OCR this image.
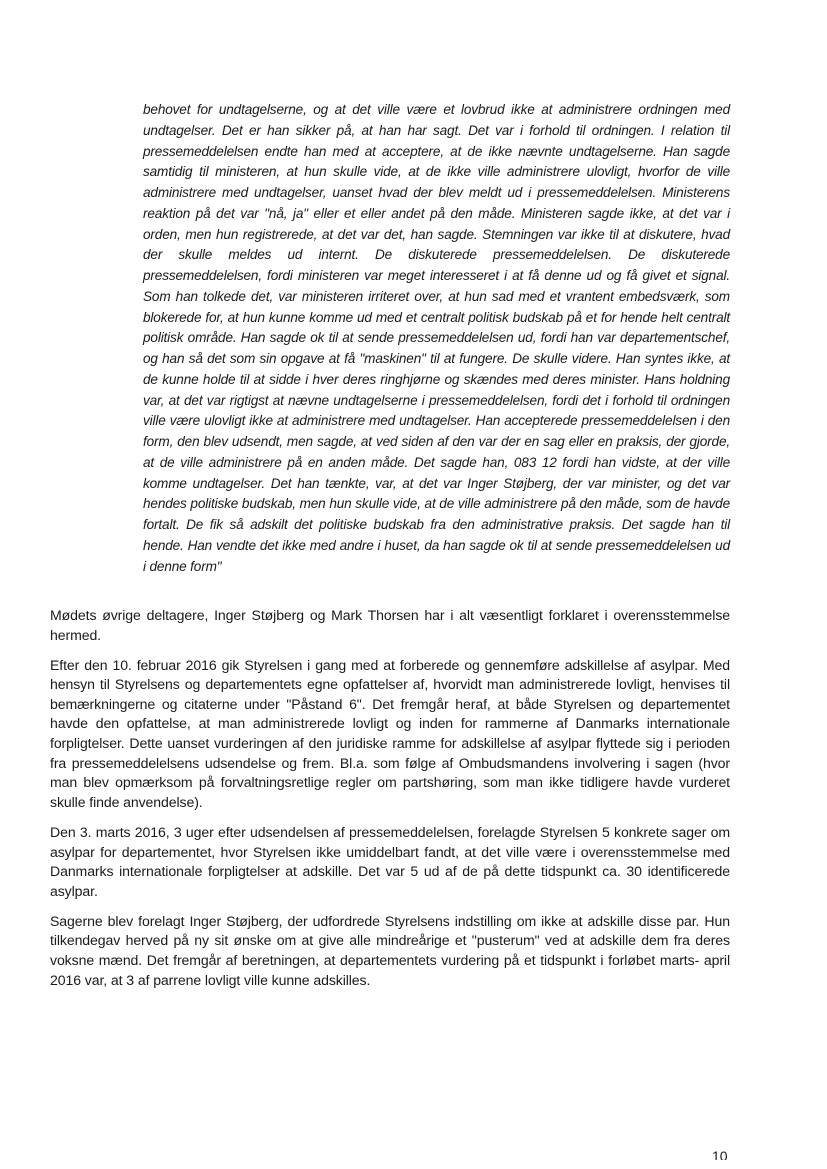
behovet for undtagelserne, og at det ville være et lovbrud ikke at administrere ordningen med undtagelser. Det er han sikker på, at han har sagt. Det var i forhold til ordningen. I relation til pressemeddelelsen endte han med at acceptere, at de ikke nævnte undtagelserne. Han sagde samtidig til ministeren, at hun skulle vide, at de ikke ville administrere ulovligt, hvorfor de ville administrere med undtagelser, uanset hvad der blev meldt ud i pressemeddelelsen. Ministerens reaktion på det var "nå, ja" eller et eller andet på den måde. Ministeren sagde ikke, at det var i orden, men hun registrerede, at det var det, han sagde. Stemningen var ikke til at diskutere, hvad der skulle meldes ud internt. De diskuterede pressemeddelelsen. De diskuterede pressemeddelelsen, fordi ministeren var meget interesseret i at få denne ud og få givet et signal. Som han tolkede det, var ministeren irriteret over, at hun sad med et vrantent embedsværk, som blokerede for, at hun kunne komme ud med et centralt politisk budskab på et for hende helt centralt politisk område. Han sagde ok til at sende pressemeddelelsen ud, fordi han var departementschef, og han så det som sin opgave at få "maskinen" til at fungere. De skulle videre. Han syntes ikke, at de kunne holde til at sidde i hver deres ringhjørne og skændes med deres minister. Hans holdning var, at det var rigtigst at nævne undtagelserne i pressemeddelelsen, fordi det i forhold til ordningen ville være ulovligt ikke at administrere med undtagelser. Han accepterede pressemeddelelsen i den form, den blev udsendt, men sagde, at ved siden af den var der en sag eller en praksis, der gjorde, at de ville administrere på en anden måde. Det sagde han, 083 12 fordi han vidste, at der ville komme undtagelser. Det han tænkte, var, at det var Inger Støjberg, der var minister, og det var hendes politiske budskab, men hun skulle vide, at de ville administrere på den måde, som de havde fortalt. De fik så adskilt det politiske budskab fra den administrative praksis. Det sagde han til hende. Han vendte det ikke med andre i huset, da han sagde ok til at sende pressemeddelelsen ud i denne form"

Mødets øvrige deltagere, Inger Støjberg og Mark Thorsen har i alt væsentligt forklaret i overensstemmelse hermed.

Efter den 10. februar 2016 gik Styrelsen i gang med at forberede og gennemføre adskillelse af asylpar. Med hensyn til Styrelsens og departementets egne opfattelser af, hvorvidt man administrerede lovligt, henvises til bemærkningerne og citaterne under "Påstand 6". Det fremgår heraf, at både Styrelsen og departementet havde den opfattelse, at man administrerede lovligt og inden for rammerne af Danmarks internationale forpligtelser. Dette uanset vurderingen af den juridiske ramme for adskillelse af asylpar flyttede sig i perioden fra pressemeddelelsens udsendelse og frem. Bl.a. som følge af Ombudsmandens involvering i sagen (hvor man blev opmærksom på forvaltningsretlige regler om partshøring, som man ikke tidligere havde vurderet skulle finde anvendelse).

Den 3. marts 2016, 3 uger efter udsendelsen af pressemeddelelsen, forelagde Styrelsen 5 konkrete sager om asylpar for departementet, hvor Styrelsen ikke umiddelbart fandt, at det ville være i overensstemmelse med Danmarks internationale forpligtelser at adskille. Det var 5 ud af de på dette tidspunkt ca. 30 identificerede asylpar.

Sagerne blev forelagt Inger Støjberg, der udfordrede Styrelsens indstilling om ikke at adskille disse par. Hun tilkendegav herved på ny sit ønske om at give alle mindreårige et "pusterum" ved at adskille dem fra deres voksne mænd. Det fremgår af beretningen, at departementets vurdering på et tidspunkt i forløbet marts- april 2016 var, at 3 af parrene lovligt ville kunne adskilles.

10
